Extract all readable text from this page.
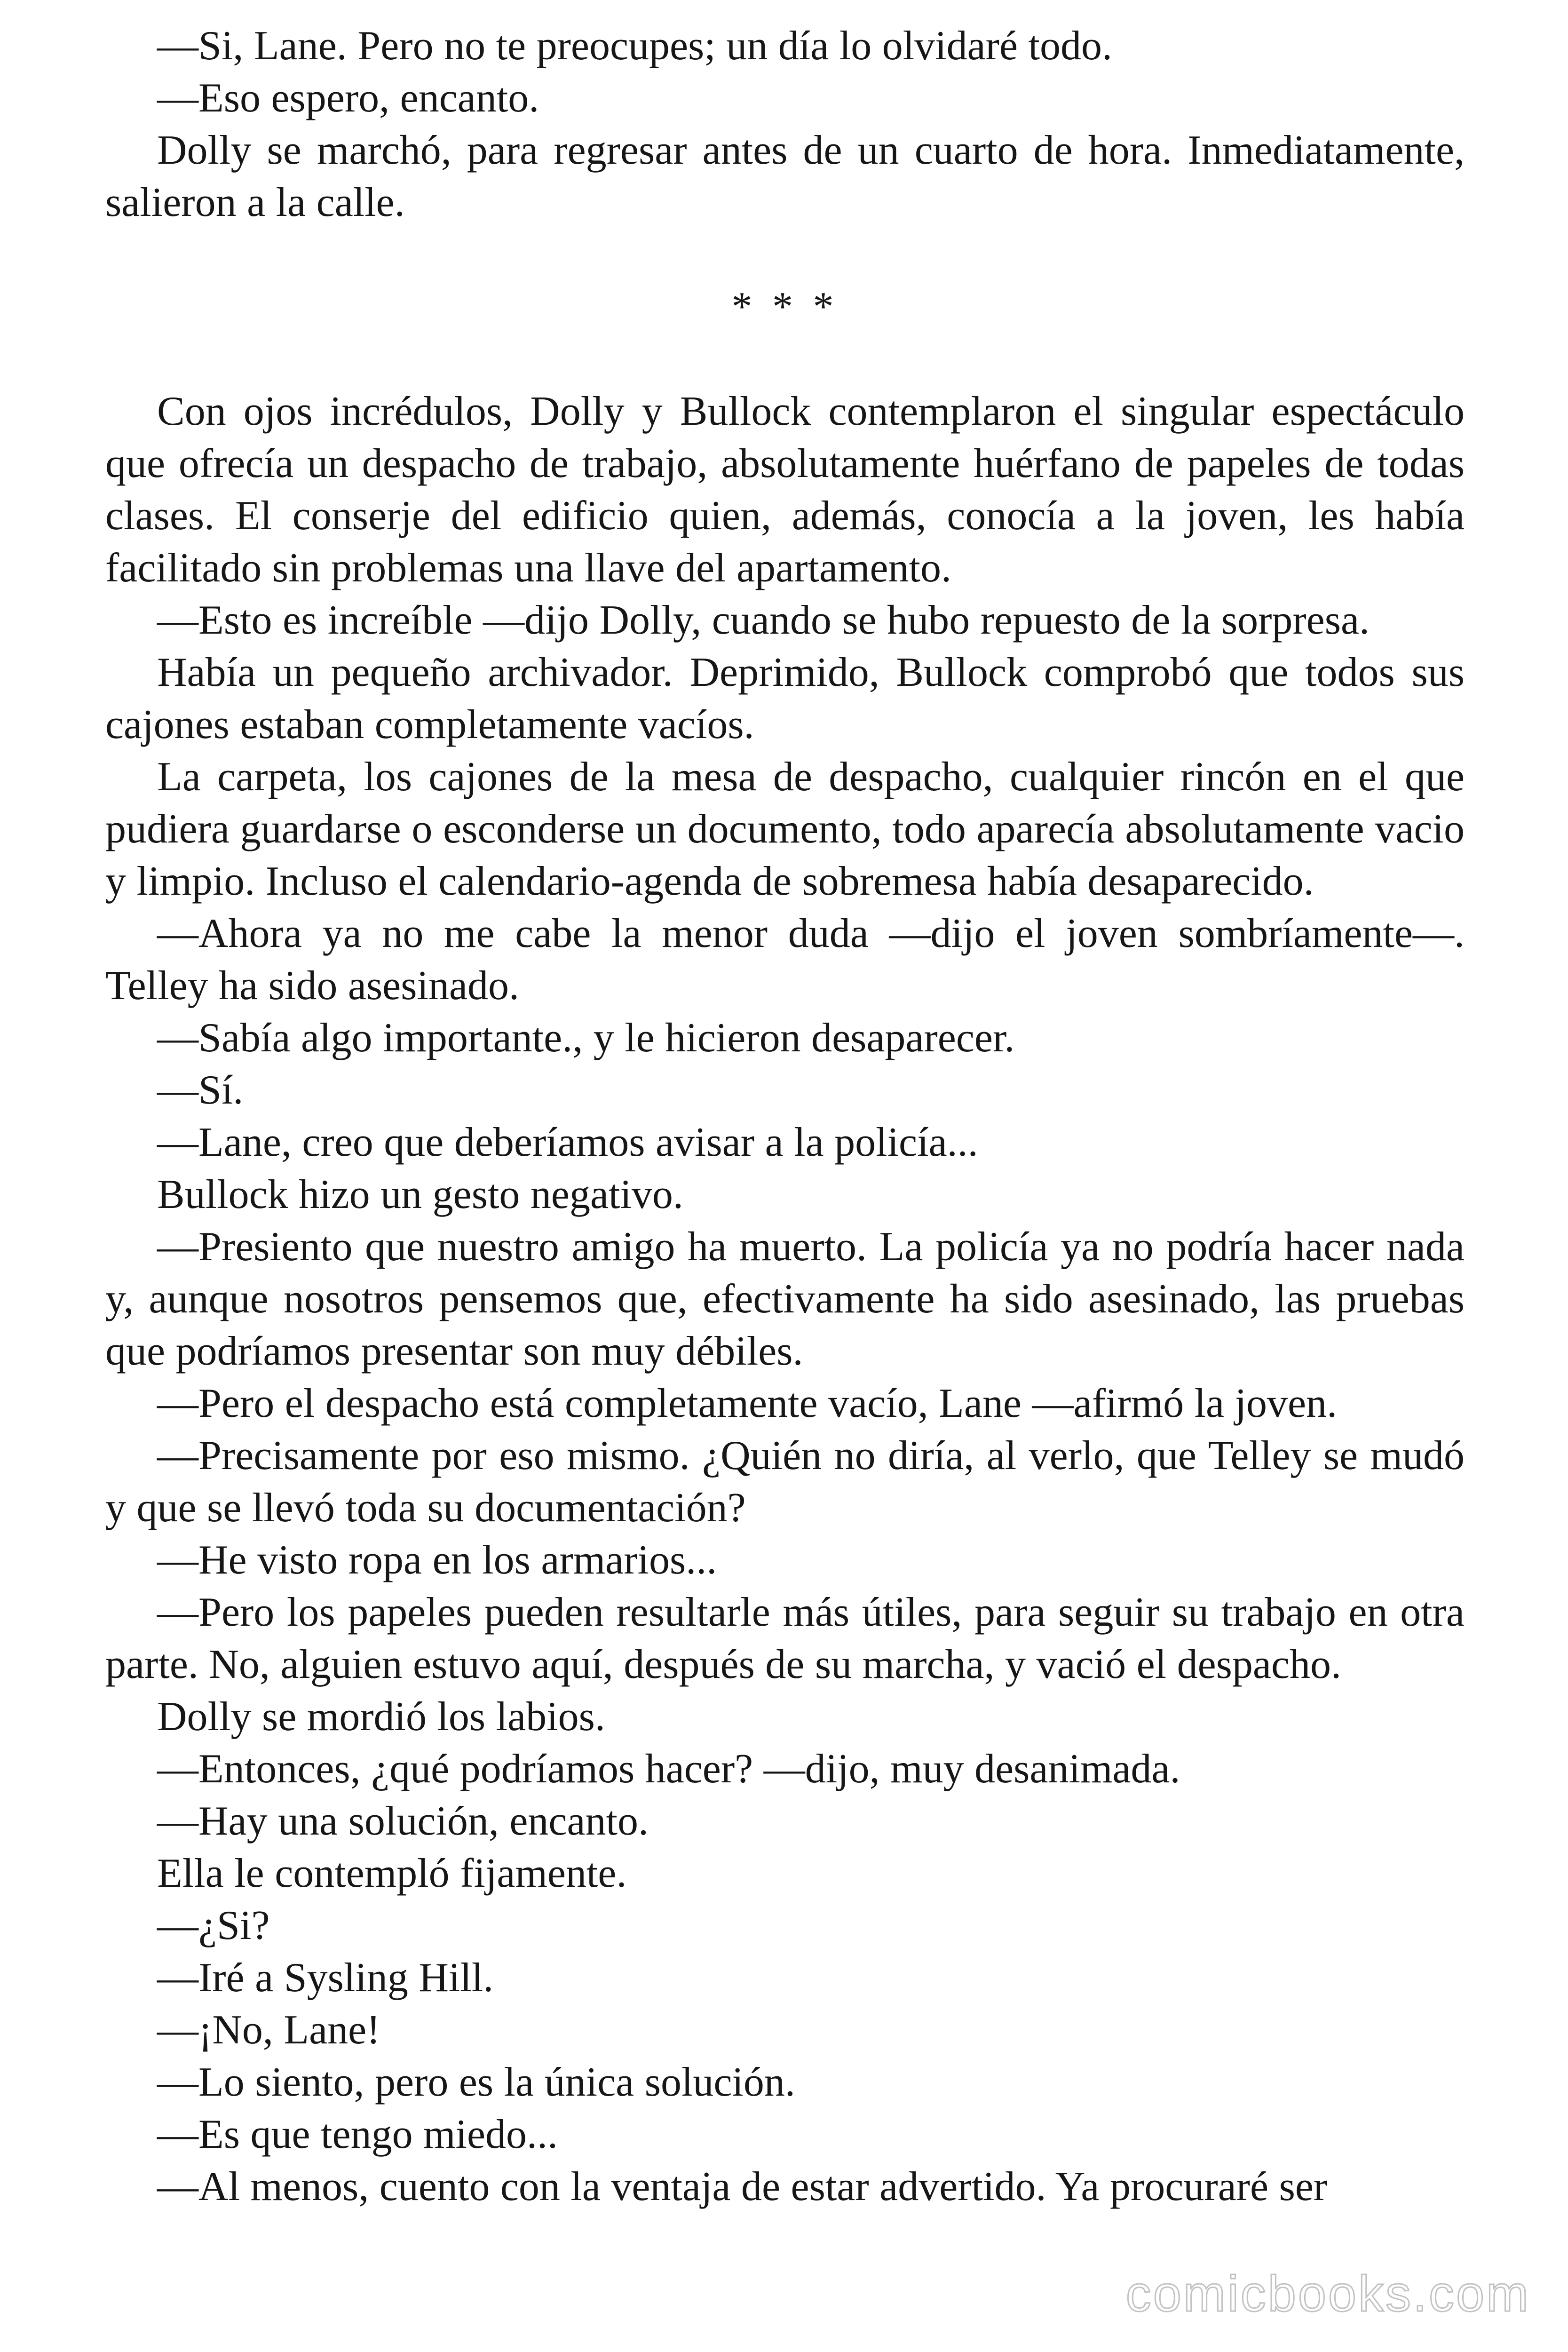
—Si, Lane. Pero no te preocupes; un día lo olvidaré todo.

—Eso espero, encanto.

Dolly se marchó, para regresar antes de un cuarto de hora. Inmediatamente, salieron a la calle.

* * *

Con ojos incrédulos, Dolly y Bullock contemplaron el singular espectáculo que ofrecía un despacho de trabajo, absolutamente huérfano de papeles de todas clases. El conserje del edificio quien, además, conocía a la joven, les había facilitado sin problemas una llave del apartamento.

—Esto es increíble —dijo Dolly, cuando se hubo repuesto de la sorpresa.

Había un pequeño archivador. Deprimido, Bullock comprobó que todos sus cajones estaban completamente vacíos.

La carpeta, los cajones de la mesa de despacho, cualquier rincón en el que pudiera guardarse o esconderse un documento, todo aparecía absolutamente vacio y limpio. Incluso el calendario-agenda de sobremesa había desaparecido.

—Ahora ya no me cabe la menor duda —dijo el joven sombríamente—. Telley ha sido asesinado.

—Sabía algo importante., y le hicieron desaparecer.

—Sí.

—Lane, creo que deberíamos avisar a la policía...

Bullock hizo un gesto negativo.

—Presiento que nuestro amigo ha muerto. La policía ya no podría hacer nada y, aunque nosotros pensemos que, efectivamente ha sido asesinado, las pruebas que podríamos presentar son muy débiles.

—Pero el despacho está completamente vacío, Lane —afirmó la joven.

—Precisamente por eso mismo. ¿Quién no diría, al verlo, que Telley se mudó y que se llevó toda su documentación?

—He visto ropa en los armarios...

—Pero los papeles pueden resultarle más útiles, para seguir su trabajo en otra parte. No, alguien estuvo aquí, después de su marcha, y vació el despacho.

Dolly se mordió los labios.

—Entonces, ¿qué podríamos hacer? —dijo, muy desanimada.

—Hay una solución, encanto.

Ella le contempló fijamente.

—¿Si?

—Iré a Sysling Hill.

—¡No, Lane!

—Lo siento, pero es la única solución.

—Es que tengo miedo...

—Al menos, cuento con la ventaja de estar advertido. Ya procuraré ser

comicbooks.com
